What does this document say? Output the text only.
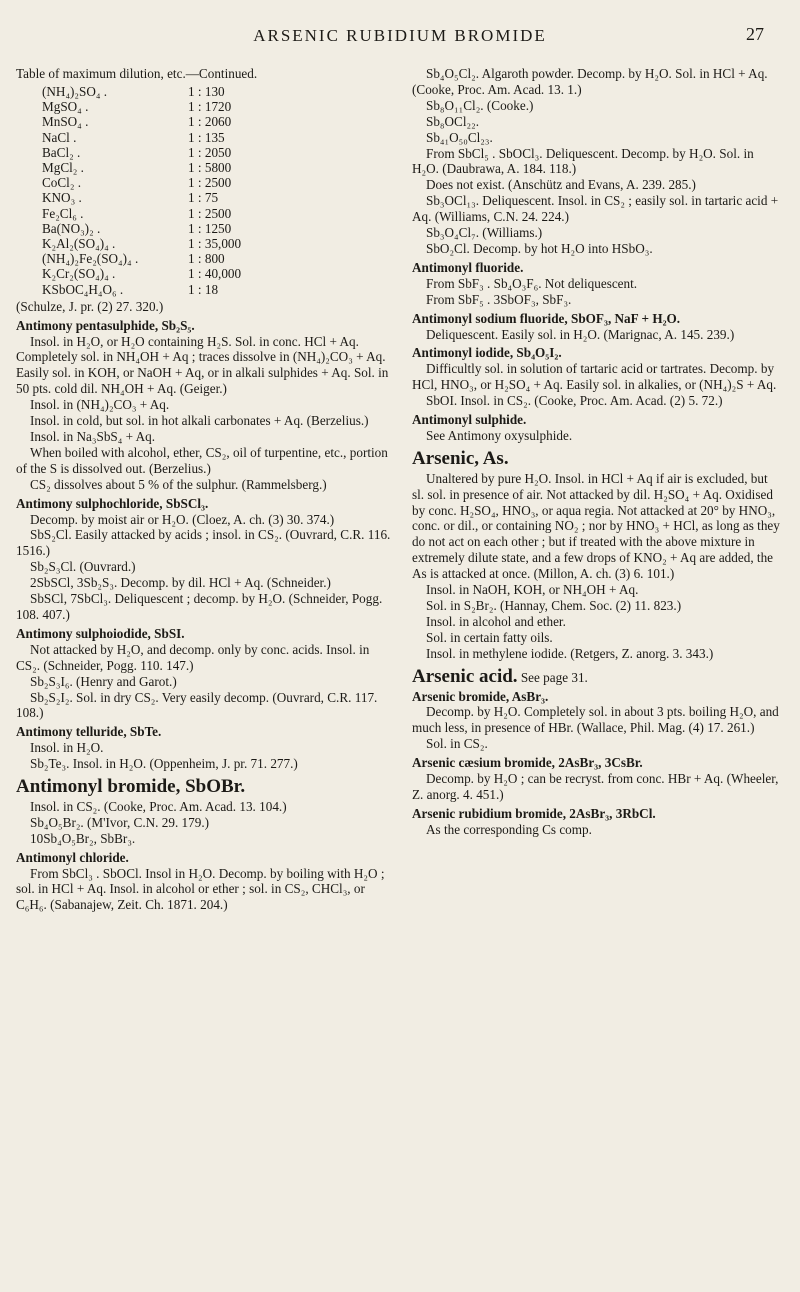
ARSENIC RUBIDIUM BROMIDE	27

Table of maximum dilution, etc.—Continued.

(NH₄)₂SO₄ .	1 : 130
MgSO₄ .	1 : 1720
MnSO₄ .	1 : 2060
NaCl .	1 : 135
BaCl₂ .	1 : 2050
MgCl₂ .	1 : 5800
CoCl₂ .	1 : 2500
KNO₃ .	1 : 75
Fe₂Cl₆ .	1 : 2500
Ba(NO₃)₂ .	1 : 1250
K₂Al₂(SO₄)₄ .	1 : 35,000
(NH₄)₂Fe₂(SO₄)₄ .	1 : 800
K₂Cr₂(SO₄)₄ .	1 : 40,000
KSbOC₄H₄O₆ .	1 : 18

(Schulze, J. pr. (2) 27. 320.)

Antimony pentasulphide, Sb₂S₅.

Insol. in H₂O, or H₂O containing H₂S. Sol. in conc. HCl + Aq. Completely sol. in NH₄OH + Aq ; traces dissolve in (NH₄)₂CO₃ + Aq. Easily sol. in KOH, or NaOH + Aq, or in alkali sulphides + Aq. Sol. in 50 pts. cold dil. NH₄OH + Aq. (Geiger.)

Insol. in (NH₄)₂CO₃ + Aq.

Insol. in cold, but sol. in hot alkali carbonates + Aq. (Berzelius.)

Insol. in Na₃SbS₄ + Aq.

When boiled with alcohol, ether, CS₂, oil of turpentine, etc., portion of the S is dissolved out. (Berzelius.)

CS₂ dissolves about 5 % of the sulphur. (Rammelsberg.)

Antimony sulphochloride, SbSCl₃.

Decomp. by moist air or H₂O. (Cloez, A. ch. (3) 30. 374.)

SbS₂Cl. Easily attacked by acids ; insol. in CS₂. (Ouvrard, C.R. 116. 1516.)

Sb₂S₃Cl. (Ouvrard.)

2SbSCl, 3Sb₂S₃. Decomp. by dil. HCl + Aq. (Schneider.)

SbSCl, 7SbCl₃. Deliquescent ; decomp. by H₂O. (Schneider, Pogg. 108. 407.)

Antimony sulphoiodide, SbSI.

Not attacked by H₂O, and decomp. only by conc. acids. Insol. in CS₂. (Schneider, Pogg. 110. 147.)

Sb₂S₃I₆. (Henry and Garot.)

Sb₂S₂I₂. Sol. in dry CS₂. Very easily decomp. (Ouvrard, C.R. 117. 108.)

Antimony telluride, SbTe.

Insol. in H₂O.

Sb₂Te₃. Insol. in H₂O. (Oppenheim, J. pr. 71. 277.)

Antimonyl bromide, SbOBr.

Insol. in CS₂. (Cooke, Proc. Am. Acad. 13. 104.)

Sb₄O₅Br₂. (M'Ivor, C.N. 29. 179.)

10Sb₄O₅Br₂, SbBr₃.

Antimonyl chloride.

From SbCl₃ . SbOCl. Insol in H₂O. Decomp. by boiling with H₂O ; sol. in HCl + Aq. Insol. in alcohol or ether ; sol. in CS₂, CHCl₃, or C₆H₆. (Sabanajew, Zeit. Ch. 1871. 204.)

Sb₄O₅Cl₂. Algaroth powder. Decomp. by H₂O. Sol. in HCl + Aq. (Cooke, Proc. Am. Acad. 13. 1.)

Sb₈O₁₁Cl₂. (Cooke.)

Sb₈OCl₂₂.

Sb₄₁O₅₀Cl₂₃.

From SbCl₅ . SbOCl₃. Deliquescent. Decomp. by H₂O. Sol. in H₂O. (Daubrawa, A. 184. 118.)

Does not exist. (Anschütz and Evans, A. 239. 285.)

Sb₃OCl₁₃. Deliquescent. Insol. in CS₂ ; easily sol. in tartaric acid + Aq. (Williams, C.N. 24. 224.)

Sb₃O₄Cl₇. (Williams.)

SbO₂Cl. Decomp. by hot H₂O into HSbO₃.

Antimonyl fluoride.

From SbF₃ . Sb₄O₃F₆. Not deliquescent.

From SbF₅ . 3SbOF₃, SbF₃.

Antimonyl sodium fluoride, SbOF₃, NaF + H₂O.

Deliquescent. Easily sol. in H₂O. (Marignac, A. 145. 239.)

Antimonyl iodide, Sb₄O₅I₂.

Difficultly sol. in solution of tartaric acid or tartrates. Decomp. by HCl, HNO₃, or H₂SO₄ + Aq. Easily sol. in alkalies, or (NH₄)₂S + Aq.

SbOI. Insol. in CS₂. (Cooke, Proc. Am. Acad. (2) 5. 72.)

Antimonyl sulphide.

See Antimony oxysulphide.

Arsenic, As.

Unaltered by pure H₂O. Insol. in HCl + Aq if air is excluded, but sl. sol. in presence of air. Not attacked by dil. H₂SO₄ + Aq. Oxidised by conc. H₂SO₄, HNO₃, or aqua regia. Not attacked at 20° by HNO₃, conc. or dil., or containing NO₂ ; nor by HNO₃ + HCl, as long as they do not act on each other ; but if treated with the above mixture in extremely dilute state, and a few drops of KNO₂ + Aq are added, the As is attacked at once. (Millon, A. ch. (3) 6. 101.)

Insol. in NaOH, KOH, or NH₄OH + Aq.

Sol. in S₂Br₂. (Hannay, Chem. Soc. (2) 11. 823.)

Insol. in alcohol and ether.

Sol. in certain fatty oils.

Insol. in methylene iodide. (Retgers, Z. anorg. 3. 343.)

Arsenic acid. See page 31.

Arsenic bromide, AsBr₃.

Decomp. by H₂O. Completely sol. in about 3 pts. boiling H₂O, and much less, in presence of HBr. (Wallace, Phil. Mag. (4) 17. 261.)

Sol. in CS₂.

Arsenic cæsium bromide, 2AsBr₃, 3CsBr.

Decomp. by H₂O ; can be recryst. from conc. HBr + Aq. (Wheeler, Z. anorg. 4. 451.)

Arsenic rubidium bromide, 2AsBr₃, 3RbCl.

As the corresponding Cs comp.
